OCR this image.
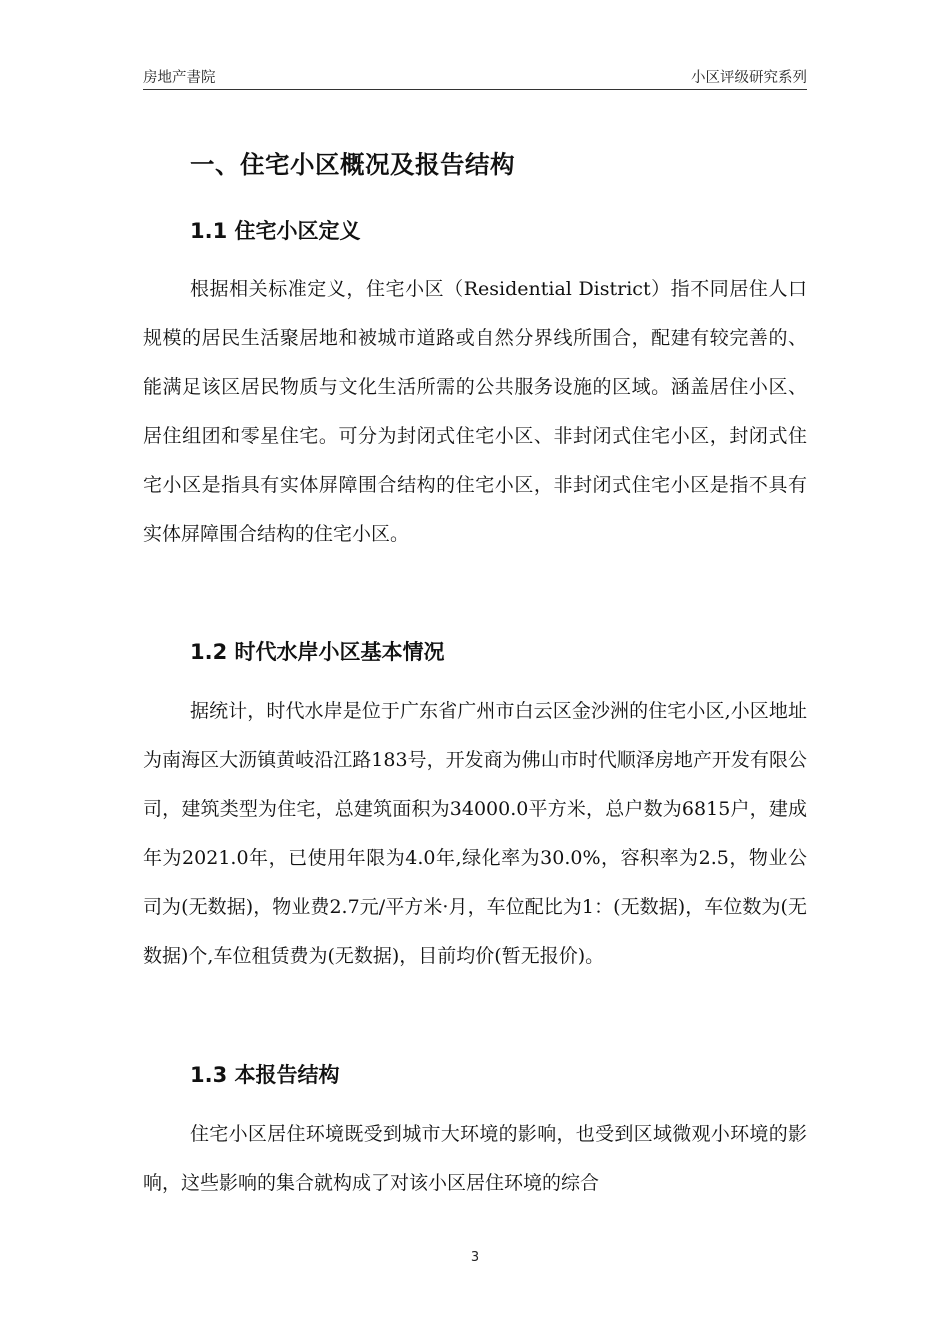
房地产書院	小区评级研究系列
一、住宅小区概况及报告结构
1.1 住宅小区定义

根据相关标准定义，住宅小区（Residential District）指不同居住人口规模的居民生活聚居地和被城市道路或自然分界线所围合，配建有较完善的、能满足该区居民物质与文化生活所需的公共服务设施的区域。涵盖居住小区、居住组团和零星住宅。可分为封闭式住宅小区、非封闭式住宅小区，封闭式住宅小区是指具有实体屏障围合结构的住宅小区，非封闭式住宅小区是指不具有实体屏障围合结构的住宅小区。

1.2 时代水岸小区基本情况

据统计，时代水岸是位于广东省广州市白云区金沙洲的住宅小区,小区地址为南海区大沥镇黄岐沿江路183号，开发商为佛山市时代顺泽房地产开发有限公司，建筑类型为住宅，总建筑面积为34000.0平方米，总户数为6815户，建成年为2021.0年，已使用年限为4.0年,绿化率为30.0%，容积率为2.5，物业公司为(无数据)，物业费2.7元/平方米·月，车位配比为1：(无数据)，车位数为(无数据)个,车位租赁费为(无数据)，目前均价(暂无报价)。

1.3 本报告结构

住宅小区居住环境既受到城市大环境的影响，也受到区域微观小环境的影响，这些影响的集合就构成了对该小区居住环境的综合

3
